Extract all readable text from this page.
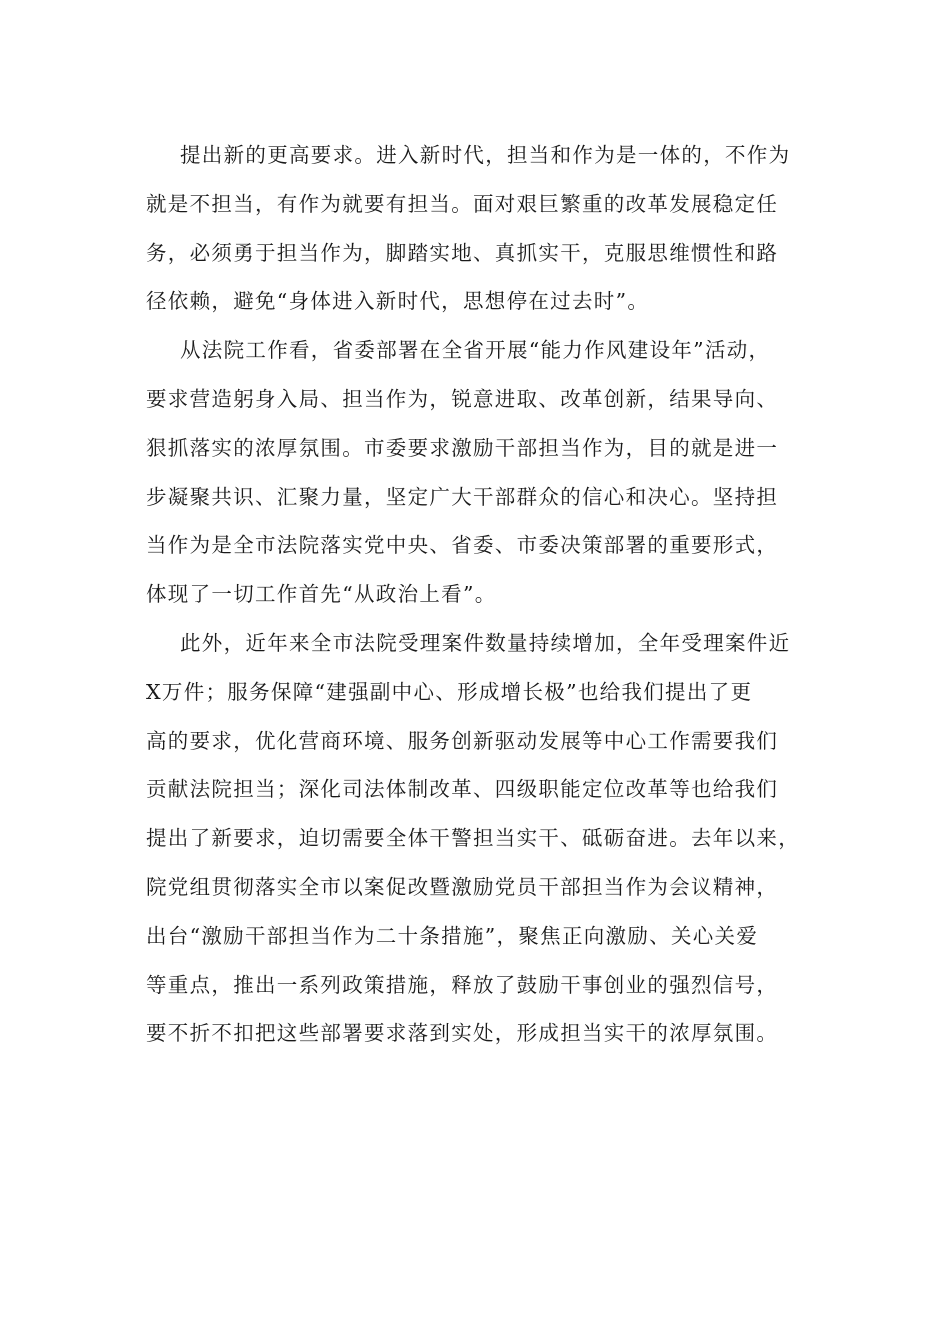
提出新的更高要求。进入新时代，担当和作为是一体的，不作为
就是不担当，有作为就要有担当。面对艰巨繁重的改革发展稳定任
务，必须勇于担当作为，脚踏实地、真抓实干，克服思维惯性和路
径依赖，避免“身体进入新时代，思想停在过去时”。
从法院工作看，省委部署在全省开展“能力作风建设年”活动，
要求营造躬身入局、担当作为，锐意进取、改革创新，结果导向、
狠抓落实的浓厚氛围。市委要求激励干部担当作为，目的就是进一
步凝聚共识、汇聚力量，坚定广大干部群众的信心和决心。坚持担
当作为是全市法院落实党中央、省委、市委决策部署的重要形式，
体现了一切工作首先“从政治上看”。
此外，近年来全市法院受理案件数量持续增加，全年受理案件近
X万件；服务保障“建强副中心、形成增长极”也给我们提出了更
高的要求，优化营商环境、服务创新驱动发展等中心工作需要我们
贡献法院担当；深化司法体制改革、四级职能定位改革等也给我们
提出了新要求，迫切需要全体干警担当实干、砥砺奋进。去年以来，
院党组贯彻落实全市以案促改暨激励党员干部担当作为会议精神，
出台“激励干部担当作为二十条措施”，聚焦正向激励、关心关爱
等重点，推出一系列政策措施，释放了鼓励干事创业的强烈信号，
要不折不扣把这些部署要求落到实处，形成担当实干的浓厚氛围。
